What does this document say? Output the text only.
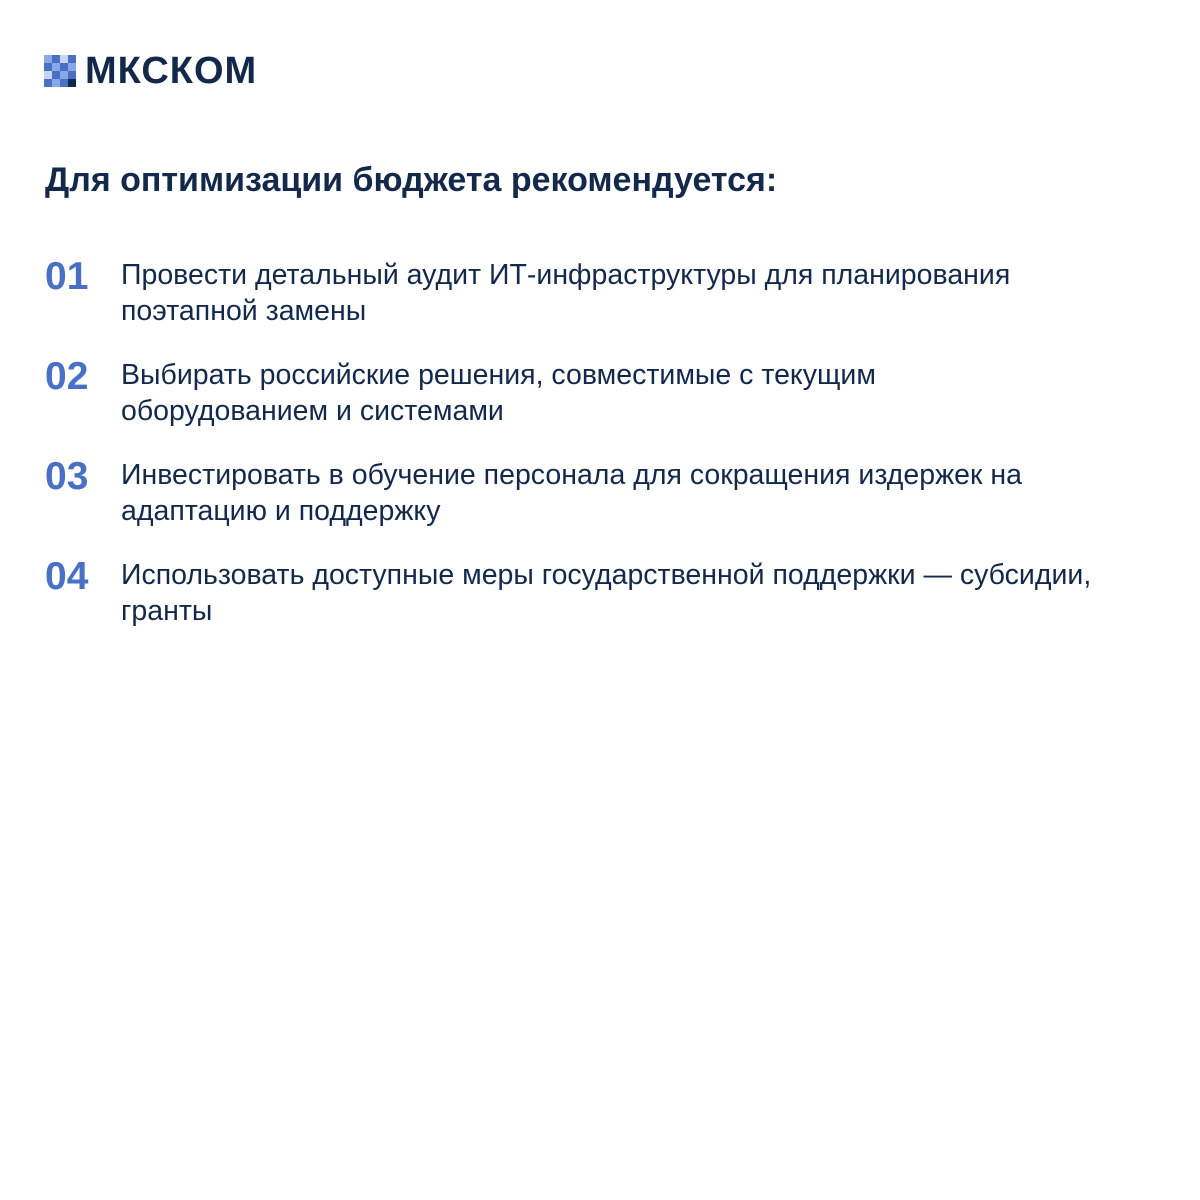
МКСКОМ
Для оптимизации бюджета рекомендуется:
01	Провести детальный аудит ИТ-инфраструктуры для планирования поэтапной замены
02	Выбирать российские решения, совместимые с текущим оборудованием и системами
03	Инвестировать в обучение персонала для сокращения издержек на адаптацию и поддержку
04	Использовать доступные меры государственной поддержки — субсидии, гранты
